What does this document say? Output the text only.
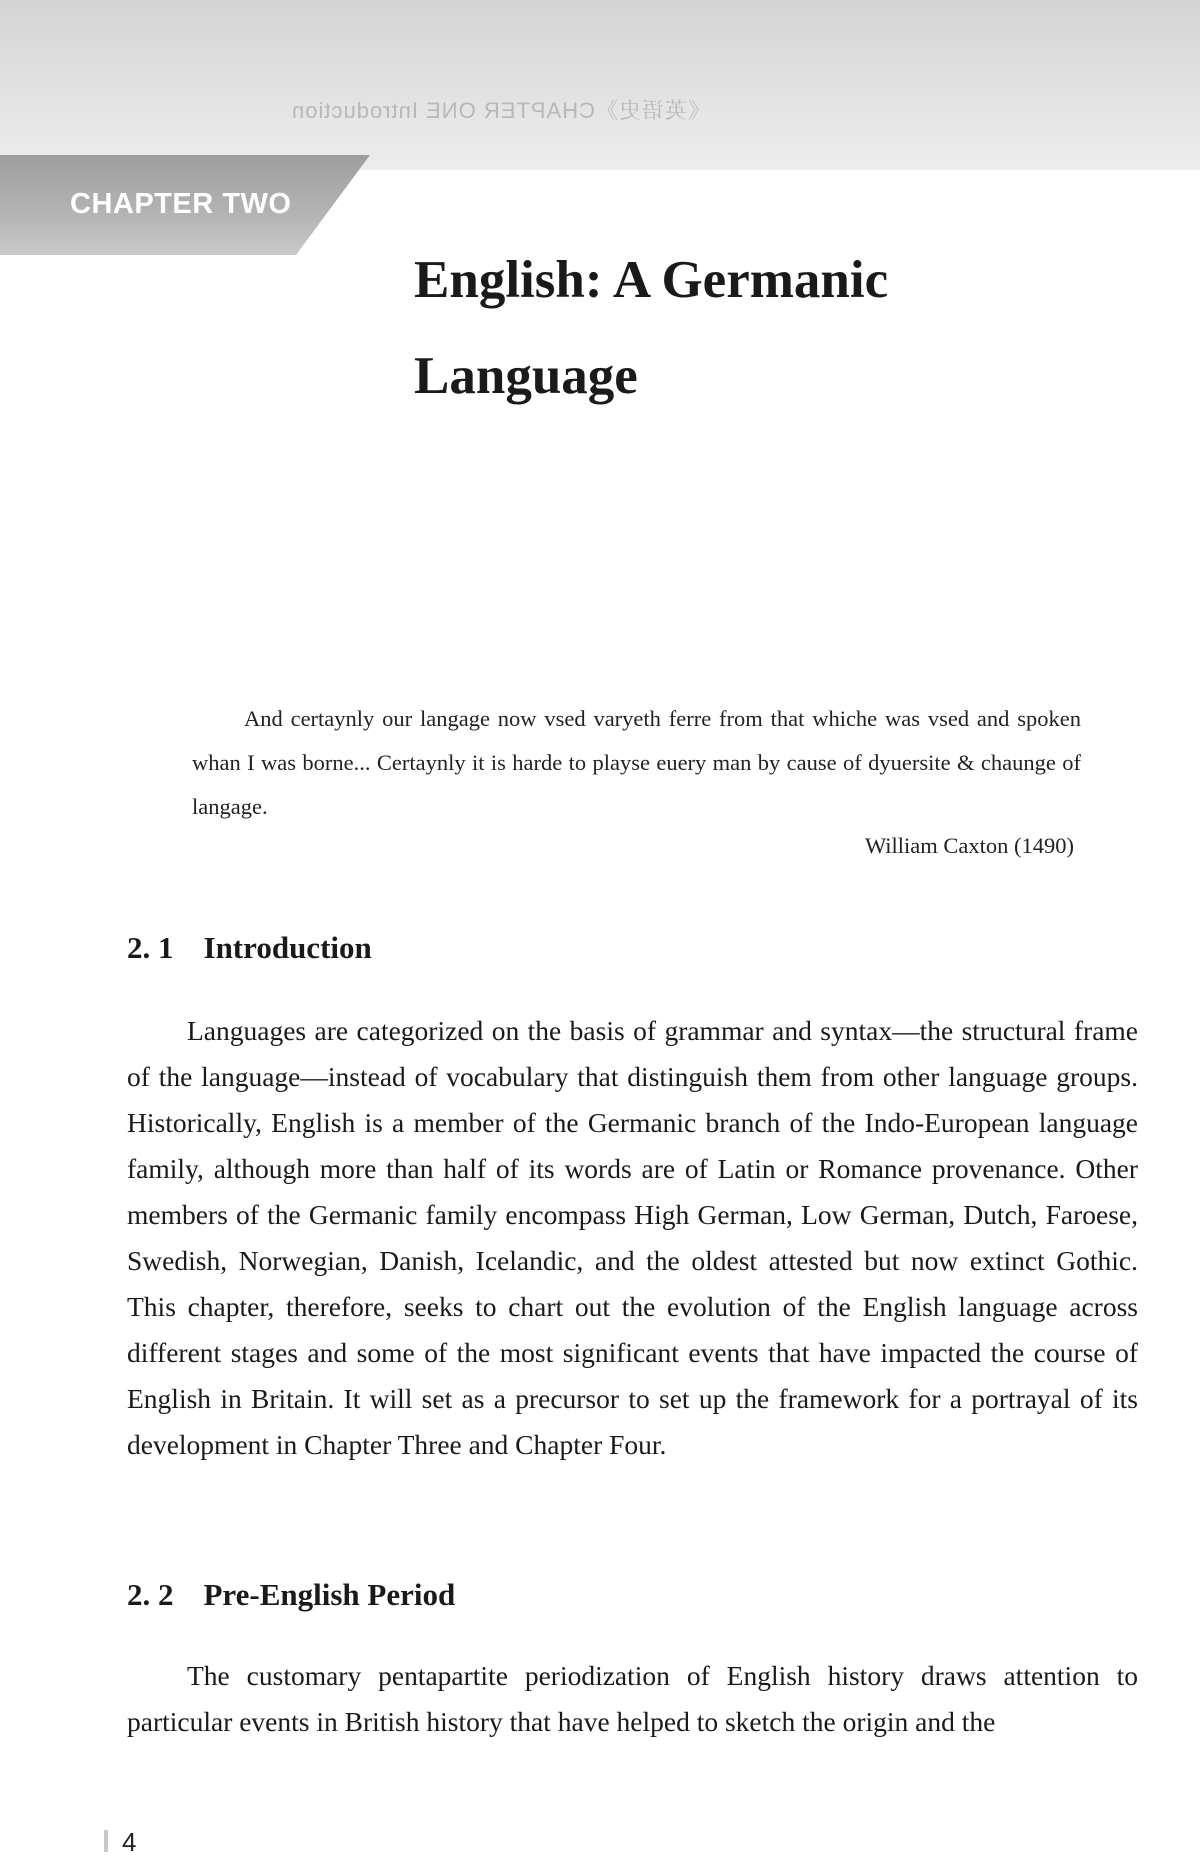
《英语史》CHAPTER ONE Introduction
CHAPTER TWO
English: A Germanic Language

And certaynly our langage now vsed varyeth ferre from that whiche was vsed and spoken whan I was borne... Certaynly it is harde to playse euery man by cause of dyuersite & chaunge of langage.

William Caxton (1490)
2. 1 Introduction

Languages are categorized on the basis of grammar and syntax—the structural frame of the language—instead of vocabulary that distinguish them from other language groups. Historically, English is a member of the Germanic branch of the Indo-European language family, although more than half of its words are of Latin or Romance provenance. Other members of the Germanic family encompass High German, Low German, Dutch, Faroese, Swedish, Norwegian, Danish, Icelandic, and the oldest attested but now extinct Gothic. This chapter, therefore, seeks to chart out the evolution of the English language across different stages and some of the most significant events that have impacted the course of English in Britain. It will set as a precursor to set up the framework for a portrayal of its development in Chapter Three and Chapter Four.

2. 2 Pre-English Period

The customary pentapartite periodization of English history draws attention to particular events in British history that have helped to sketch the origin and the

4
